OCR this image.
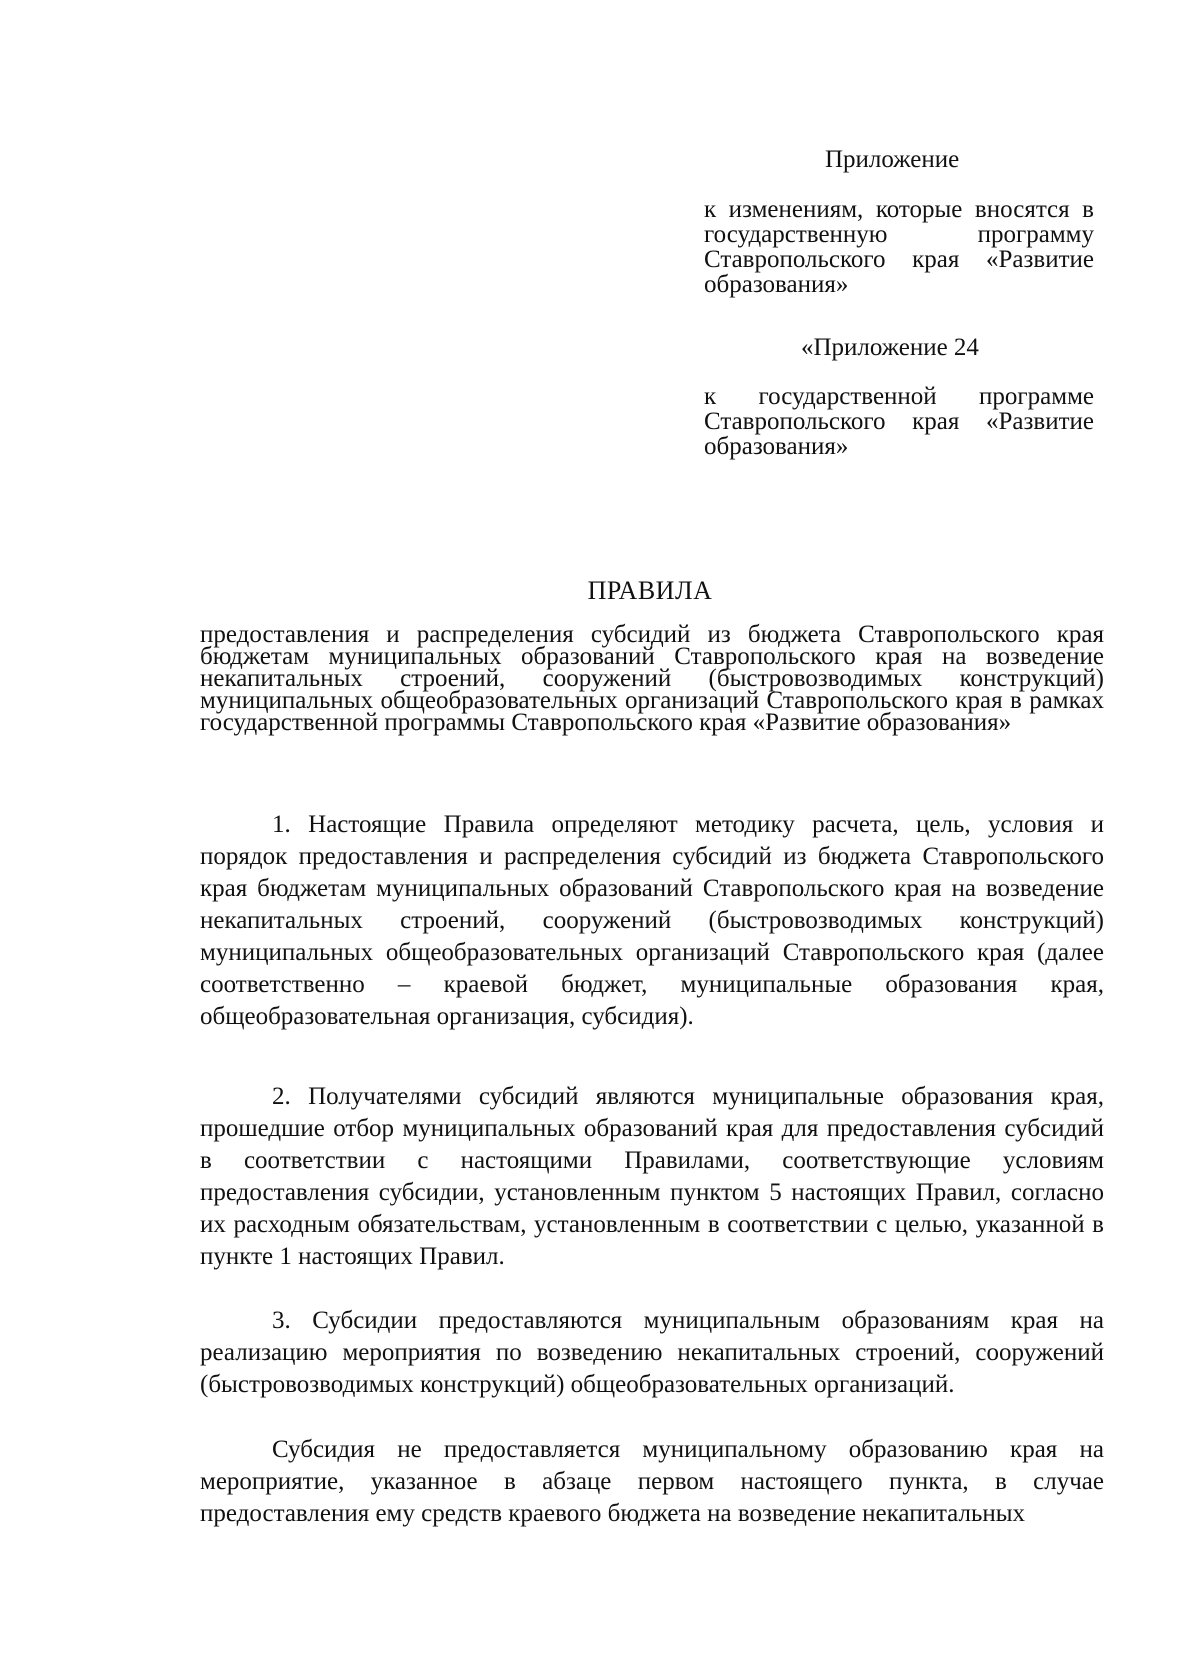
Приложение
к изменениям, которые вносятся в государственную программу Ставропольского края «Развитие образования»
«Приложение 24
к государственной программе Ставропольского края «Развитие образования»
ПРАВИЛА
предоставления и распределения субсидий из бюджета Ставропольского края бюджетам муниципальных образований Ставропольского края на возведение некапитальных строений, сооружений (быстровозводимых конструкций) муниципальных общеобразовательных организаций Ставропольского края в рамках государственной программы Ставропольского края «Развитие образования»

1. Настоящие Правила определяют методику расчета, цель, условия и порядок предоставления и распределения субсидий из бюджета Ставропольского края бюджетам муниципальных образований Ставропольского края на возведение некапитальных строений, сооружений (быстровозводимых конструкций) муниципальных общеобразовательных организаций Ставропольского края (далее соответственно – краевой бюджет, муниципальные образования края, общеобразовательная организация, субсидия).

2. Получателями субсидий являются муниципальные образования края, прошедшие отбор муниципальных образований края для предоставления субсидий в соответствии с настоящими Правилами, соответствующие условиям предоставления субсидии, установленным пунктом 5 настоящих Правил, согласно их расходным обязательствам, установленным в соответствии с целью, указанной в пункте 1 настоящих Правил.

3. Субсидии предоставляются муниципальным образованиям края на реализацию мероприятия по возведению некапитальных строений, сооружений (быстровозводимых конструкций) общеобразовательных организаций.

Субсидия не предоставляется муниципальному образованию края на мероприятие, указанное в абзаце первом настоящего пункта, в случае предоставления ему средств краевого бюджета на возведение некапитальных
